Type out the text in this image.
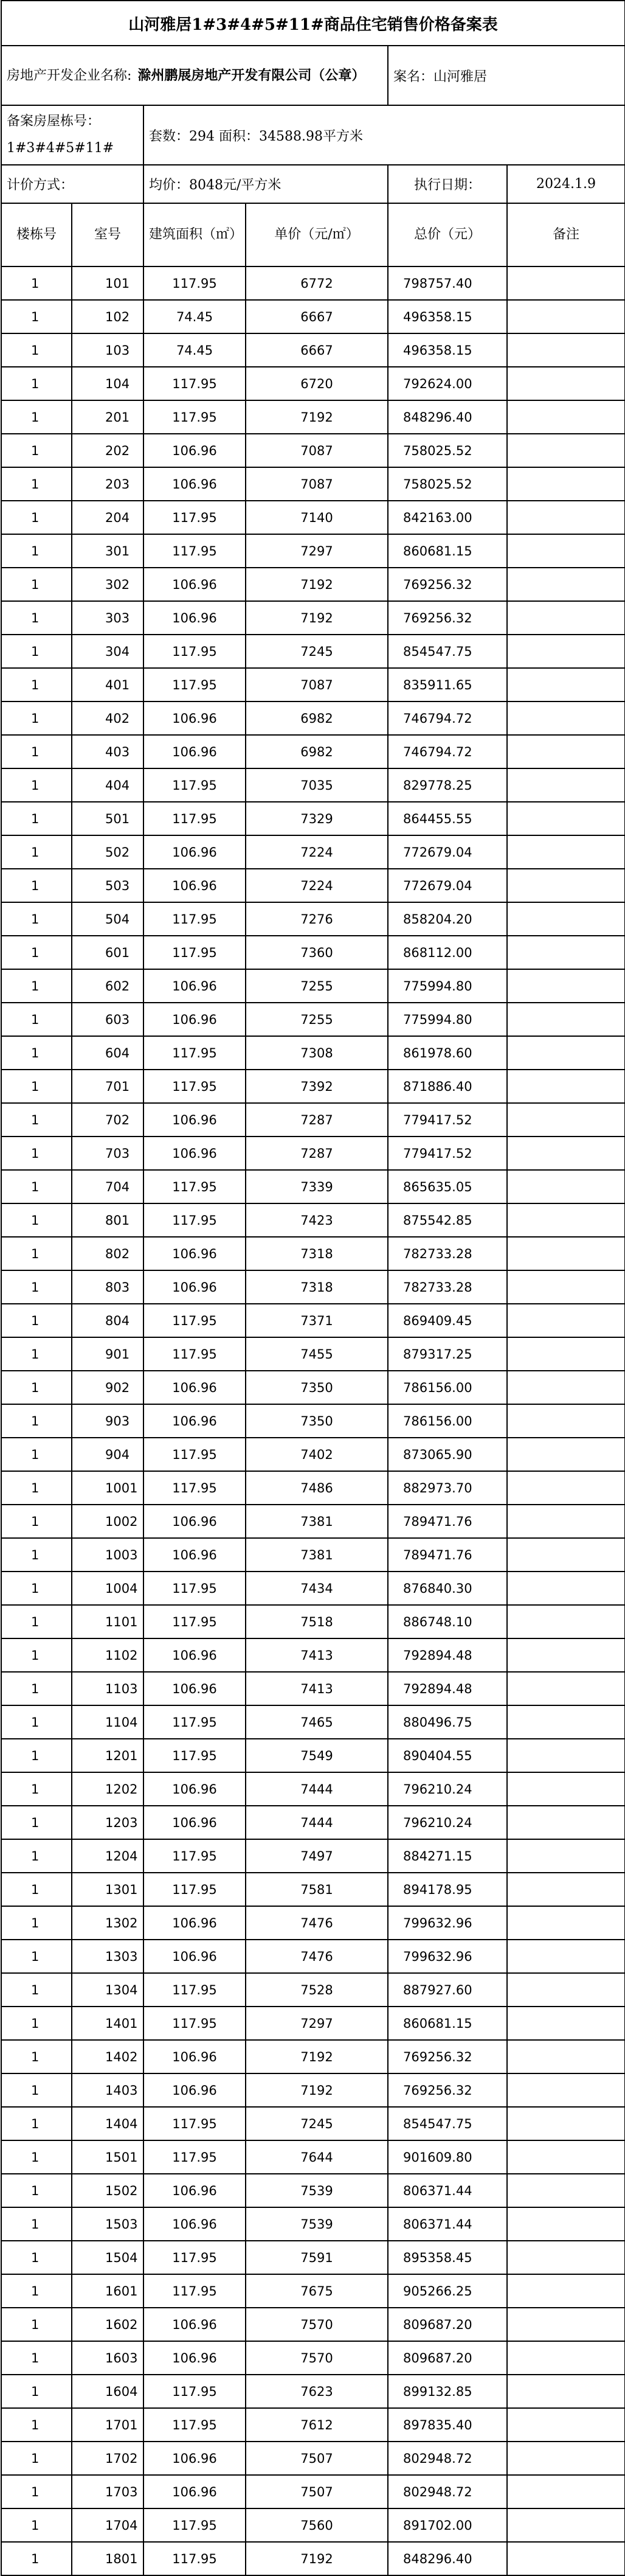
山河雅居1#3#4#5#11#商品住宅销售价格备案表					
房地产开发企业名称: 滁州鹏展房地产开发有限公司（公章）				案名：山河雅居	

备案房屋栋号：
1#3#4#5#11#		套数：294 面积：34588.98平方米			
计价方式：		均价：8048元/平方米		执行日期：	2024.1.9
楼栋号	室号	建筑面积（㎡）	单价（元/㎡）	总价（元）	备注
1	101	117.95	6772	798757.40	
1	102	74.45	6667	496358.15	
1	103	74.45	6667	496358.15	
1	104	117.95	6720	792624.00	
1	201	117.95	7192	848296.40	
1	202	106.96	7087	758025.52	
1	203	106.96	7087	758025.52	
1	204	117.95	7140	842163.00	
1	301	117.95	7297	860681.15	
1	302	106.96	7192	769256.32	
1	303	106.96	7192	769256.32	
1	304	117.95	7245	854547.75	
1	401	117.95	7087	835911.65	
1	402	106.96	6982	746794.72	
1	403	106.96	6982	746794.72	
1	404	117.95	7035	829778.25	
1	501	117.95	7329	864455.55	
1	502	106.96	7224	772679.04	
1	503	106.96	7224	772679.04	
1	504	117.95	7276	858204.20	
1	601	117.95	7360	868112.00	
1	602	106.96	7255	775994.80	
1	603	106.96	7255	775994.80	
1	604	117.95	7308	861978.60	
1	701	117.95	7392	871886.40	
1	702	106.96	7287	779417.52	
1	703	106.96	7287	779417.52	
1	704	117.95	7339	865635.05	
1	801	117.95	7423	875542.85	
1	802	106.96	7318	782733.28	
1	803	106.96	7318	782733.28	
1	804	117.95	7371	869409.45	
1	901	117.95	7455	879317.25	
1	902	106.96	7350	786156.00	
1	903	106.96	7350	786156.00	
1	904	117.95	7402	873065.90	
1	1001	117.95	7486	882973.70	
1	1002	106.96	7381	789471.76	
1	1003	106.96	7381	789471.76	
1	1004	117.95	7434	876840.30	
1	1101	117.95	7518	886748.10	
1	1102	106.96	7413	792894.48	
1	1103	106.96	7413	792894.48	
1	1104	117.95	7465	880496.75	
1	1201	117.95	7549	890404.55	
1	1202	106.96	7444	796210.24	
1	1203	106.96	7444	796210.24	
1	1204	117.95	7497	884271.15	
1	1301	117.95	7581	894178.95	
1	1302	106.96	7476	799632.96	
1	1303	106.96	7476	799632.96	
1	1304	117.95	7528	887927.60	
1	1401	117.95	7297	860681.15	
1	1402	106.96	7192	769256.32	
1	1403	106.96	7192	769256.32	
1	1404	117.95	7245	854547.75	
1	1501	117.95	7644	901609.80	
1	1502	106.96	7539	806371.44	
1	1503	106.96	7539	806371.44	
1	1504	117.95	7591	895358.45	
1	1601	117.95	7675	905266.25	
1	1602	106.96	7570	809687.20	
1	1603	106.96	7570	809687.20	
1	1604	117.95	7623	899132.85	
1	1701	117.95	7612	897835.40	
1	1702	106.96	7507	802948.72	
1	1703	106.96	7507	802948.72	
1	1704	117.95	7560	891702.00	
1	1801	117.95	7192	848296.40	
